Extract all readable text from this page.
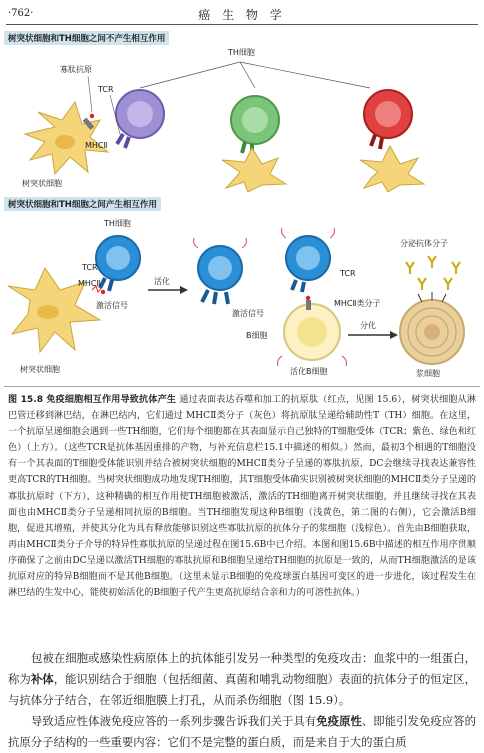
·762·	癌 生 物 学
树突状细胞和TH细胞之间不产生相互作用
TH细胞
寡肽抗原
TCR
MHCⅡ
树突状细胞
树突状细胞和TH细胞之间产生相互作用
TH细胞
TCR
MHCⅡ
激活信号
树突状细胞
活化
TCR
MHCⅡ类分子
激活信号
B细胞
活化B细胞
分化
分泌抗体分子
浆细胞
图 15.8 免疫细胞相互作用导致抗体产生 通过表面表达吞噬和加工的抗原肽（红点，见图 15.6），树突状细胞从淋巴管迁移到淋巴结，在淋巴结内，它们通过 MHCⅡ类分子（灰色）将抗原肽呈递给辅助性T（TH）细胞。在这里，一个抗原呈递细胞会遇到一些TH细胞，它们每个细胞都在其表面显示自己独特的T细胞受体（TCR；紫色、绿色和红色）（上方）。（这些TCR是抗体基因重排的产物，与补充信息栏15.1中描述的相似。）然而，最初3个相遇的T细胞没有一个其表面的T细胞受体能识别并结合被树突状细胞的MHCⅡ类分子呈递的寡肽抗原，DC会继续寻找表达兼容性更高TCR的TH细胞。当树突状细胞成功地发现TH细胞，其T细胞受体确实识别被树突状细胞的MHCⅡ类分子呈递的寡肽抗原时（下方），这种精确的相互作用使TH细胞被激活，激活的TH细胞离开树突状细胞，并且继续寻找在其表面也由MHCⅡ类分子呈递相同抗原的B细胞。当TH细胞发现这种B细胞（浅黄色，第二图的右侧），它会激活B细胞，促进其增殖，并使其分化为具有释放能够识别这些寡肽抗原的抗体分子的浆细胞（浅棕色）。首先由B细胞获取，再由MHCⅡ类分子介导的特异性寡肽抗原的呈递过程在图15.6B中已介绍。本图和图15.6B中描述的相互作用序贯顺序确保了之前由DC呈递以激活TH细胞的寡肽抗原和B细胞呈递给TH细胞的抗原是一致的，从而TH细胞激活的是该抗原对应的特异B细胞而不是其他B细胞。（这里未显示B细胞的免疫球蛋白基因可变区的进一步进化，该过程发生在淋巴结的生发中心，能使初始活化的B细胞子代产生更高抗原结合亲和力的可溶性抗体。）

包被在细胞或感染性病原体上的抗体能引发另一种类型的免疫攻击：血浆中的一组蛋白，称为补体，能识别结合于细胞（包括细菌、真菌和哺乳动物细胞）表面的抗体分子的恒定区，与抗体分子结合，在邻近细胞膜上打孔，从而杀伤细胞（图 15.9）。

导致适应性体液免疫应答的一系列步骤告诉我们关于具有免疫原性、即能引发免疫应答的抗原分子结构的一些重要内容：它们不是完整的蛋白质，而是来自于大的蛋白质
